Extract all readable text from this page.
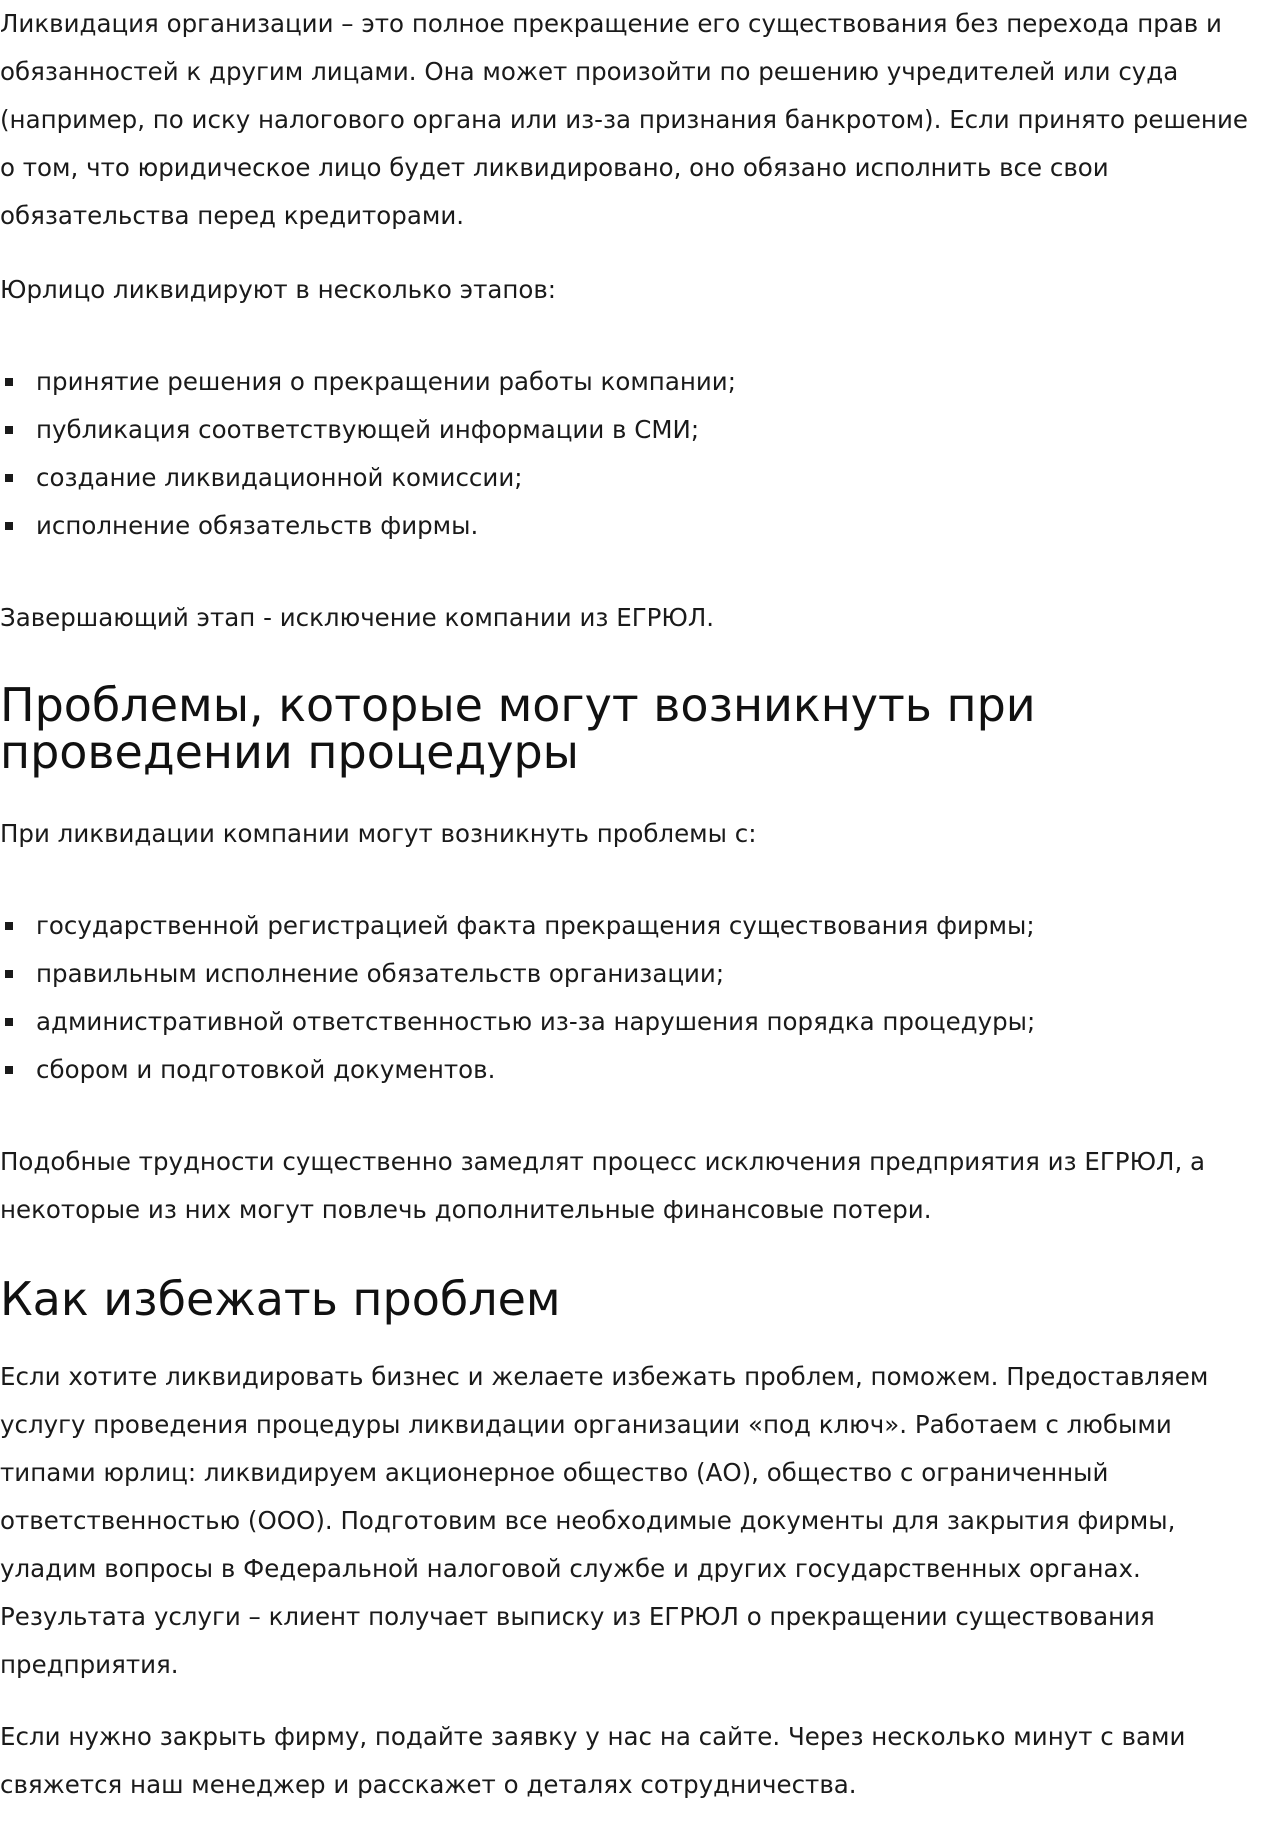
Ликвидация организации – это полное прекращение его существования без перехода прав и обязанностей к другим лицами. Она может произойти по решению учредителей или суда (например, по иску налогового органа или из-за признания банкротом). Если принято решение о том, что юридическое лицо будет ликвидировано, оно обязано исполнить все свои обязательства перед кредиторами.

Юрлицо ликвидируют в несколько этапов:

принятие решения о прекращении работы компании;
публикация соответствующей информации в СМИ;
создание ликвидационной комиссии;
исполнение обязательств фирмы.

Завершающий этап - исключение компании из ЕГРЮЛ.

Проблемы, которые могут возникнуть при проведении процедуры

При ликвидации компании могут возникнуть проблемы с:

государственной регистрацией факта прекращения существования фирмы;
правильным исполнение обязательств организации;
административной ответственностью из-за нарушения порядка процедуры;
сбором и подготовкой документов.

Подобные трудности существенно замедлят процесс исключения предприятия из ЕГРЮЛ, а некоторые из них могут повлечь дополнительные финансовые потери.

Как избежать проблем

Если хотите ликвидировать бизнес и желаете избежать проблем, поможем. Предоставляем услугу проведения процедуры ликвидации организации «под ключ». Работаем с любыми типами юрлиц: ликвидируем акционерное общество (АО), общество с ограниченный ответственностью (ООО). Подготовим все необходимые документы для закрытия фирмы, уладим вопросы в Федеральной налоговой службе и других государственных органах. Результата услуги – клиент получает выписку из ЕГРЮЛ о прекращении существования предприятия.

Если нужно закрыть фирму, подайте заявку у нас на сайте. Через несколько минут с вами свяжется наш менеджер и расскажет о деталях сотрудничества.
